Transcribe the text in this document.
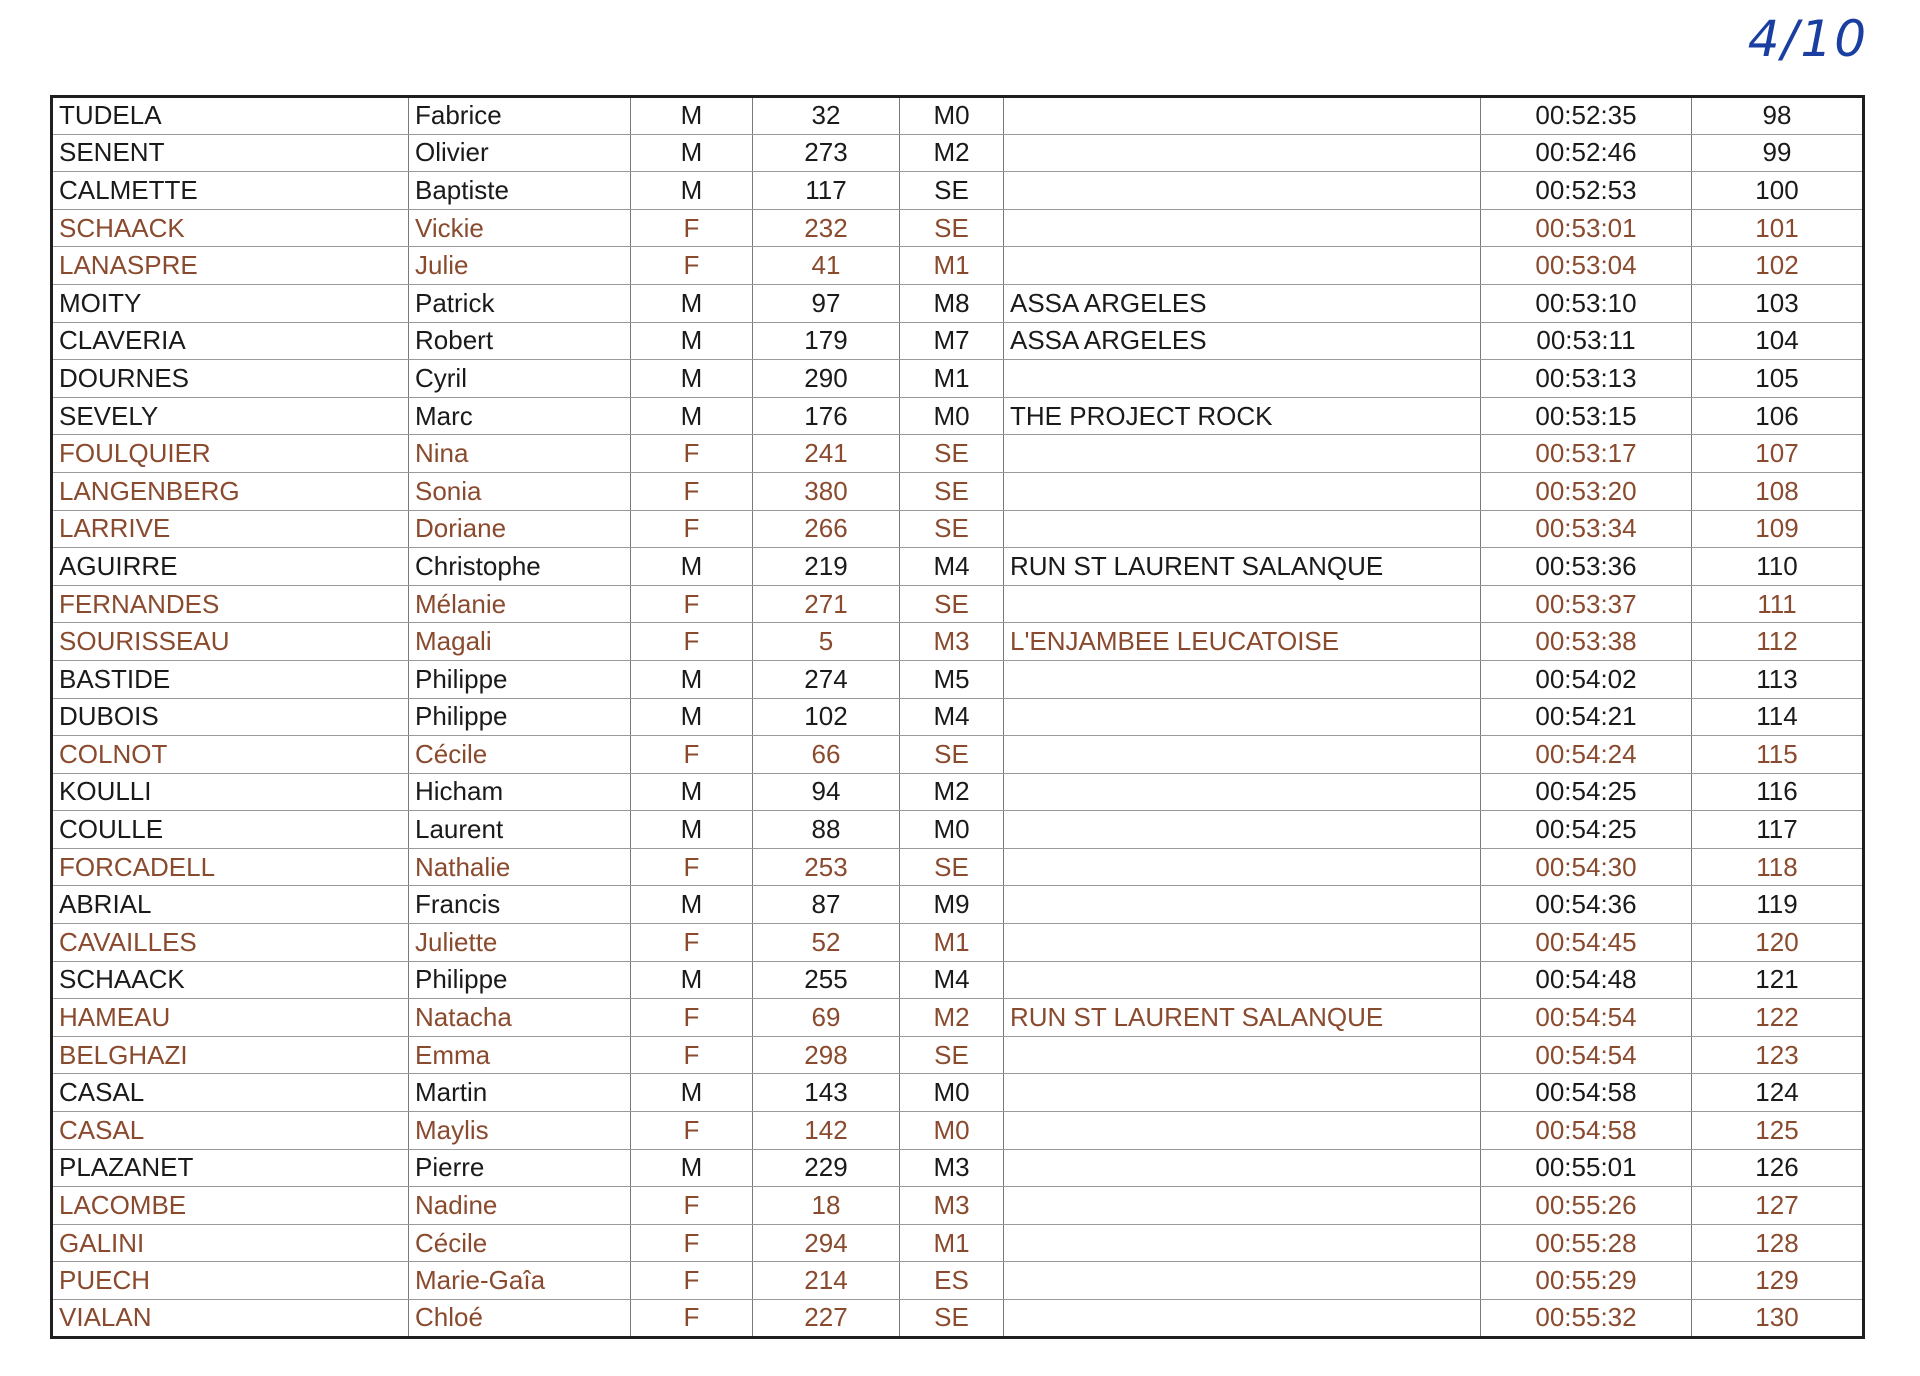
4/10
TUDELA	Fabrice	M	32	M0		00:52:35	98
SENENT	Olivier	M	273	M2		00:52:46	99
CALMETTE	Baptiste	M	117	SE		00:52:53	100
SCHAACK	Vickie	F	232	SE		00:53:01	101
LANASPRE	Julie	F	41	M1		00:53:04	102
MOITY	Patrick	M	97	M8	ASSA ARGELES	00:53:10	103
CLAVERIA	Robert	M	179	M7	ASSA ARGELES	00:53:11	104
DOURNES	Cyril	M	290	M1		00:53:13	105
SEVELY	Marc	M	176	M0	THE PROJECT ROCK	00:53:15	106
FOULQUIER	Nina	F	241	SE		00:53:17	107
LANGENBERG	Sonia	F	380	SE		00:53:20	108
LARRIVE	Doriane	F	266	SE		00:53:34	109
AGUIRRE	Christophe	M	219	M4	RUN ST LAURENT SALANQUE	00:53:36	110
FERNANDES	Mélanie	F	271	SE		00:53:37	111
SOURISSEAU	Magali	F	5	M3	L'ENJAMBEE LEUCATOISE	00:53:38	112
BASTIDE	Philippe	M	274	M5		00:54:02	113
DUBOIS	Philippe	M	102	M4		00:54:21	114
COLNOT	Cécile	F	66	SE		00:54:24	115
KOULLI	Hicham	M	94	M2		00:54:25	116
COULLE	Laurent	M	88	M0		00:54:25	117
FORCADELL	Nathalie	F	253	SE		00:54:30	118
ABRIAL	Francis	M	87	M9		00:54:36	119
CAVAILLES	Juliette	F	52	M1		00:54:45	120
SCHAACK	Philippe	M	255	M4		00:54:48	121
HAMEAU	Natacha	F	69	M2	RUN ST LAURENT SALANQUE	00:54:54	122
BELGHAZI	Emma	F	298	SE		00:54:54	123
CASAL	Martin	M	143	M0		00:54:58	124
CASAL	Maylis	F	142	M0		00:54:58	125
PLAZANET	Pierre	M	229	M3		00:55:01	126
LACOMBE	Nadine	F	18	M3		00:55:26	127
GALINI	Cécile	F	294	M1		00:55:28	128
PUECH	Marie-Gaîa	F	214	ES		00:55:29	129
VIALAN	Chloé	F	227	SE		00:55:32	130
